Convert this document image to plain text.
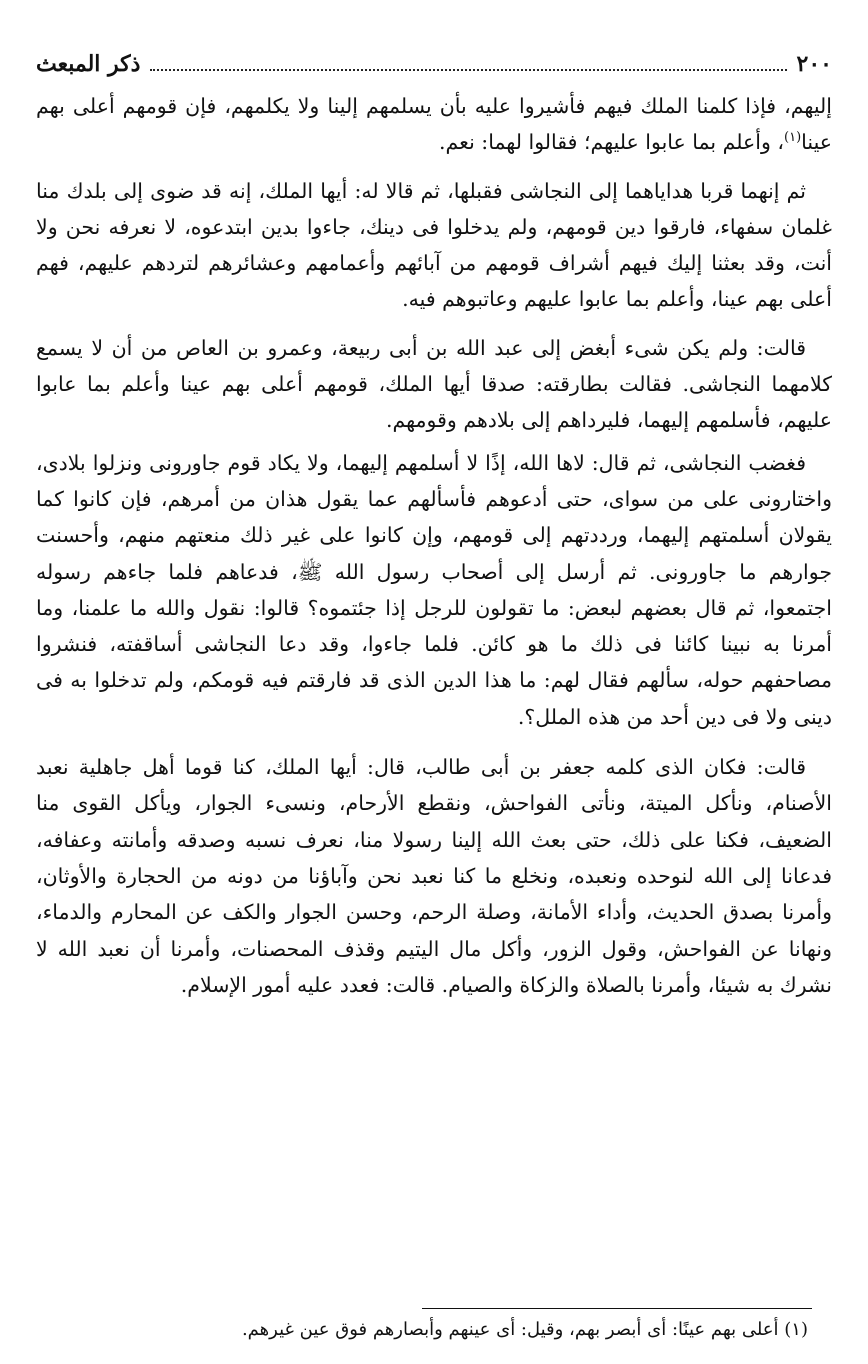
٢٠٠
ذكر المبعث

إليهم، فإذا كلمنا الملك فيهم فأشيروا عليه بأن يسلمهم إلينا ولا يكلمهم، فإن قومهم أعلى بهم عينا$^{(١)}$، وأعلم بما عابوا عليهم؛ فقالوا لهما: نعم.

ثم إنهما قربا هداياهما إلى النجاشى فقبلها، ثم قالا له: أيها الملك، إنه قد ضوى إلى بلدك منا غلمان سفهاء، فارقوا دين قومهم، ولم يدخلوا فى دينك، جاءوا بدين ابتدعوه، لا نعرفه نحن ولا أنت، وقد بعثنا إليك فيهم أشراف قومهم من آبائهم وأعمامهم وعشائرهم لتردهم عليهم، فهم أعلى بهم عينا، وأعلم بما عابوا عليهم وعاتبوهم فيه.

قالت: ولم يكن شىء أبغض إلى عبد الله بن أبى ربيعة، وعمرو بن العاص من أن لا يسمع كلامهما النجاشى. فقالت بطارقته: صدقا أيها الملك، قومهم أعلى بهم عينا وأعلم بما عابوا عليهم، فأسلمهم إليهما، فليرداهم إلى بلادهم وقومهم.

فغضب النجاشى، ثم قال: لاها الله، إذًا لا أسلمهم إليهما، ولا يكاد قوم جاورونى ونزلوا بلادى، واختارونى على من سواى، حتى أدعوهم فأسألهم عما يقول هذان من أمرهم، فإن كانوا كما يقولان أسلمتهم إليهما، ورددتهم إلى قومهم، وإن كانوا على غير ذلك منعتهم منهم، وأحسنت جوارهم ما جاورونى. ثم أرسل إلى أصحاب رسول الله ﷺ، فدعاهم فلما جاءهم رسوله اجتمعوا، ثم قال بعضهم لبعض: ما تقولون للرجل إذا جئتموه؟ قالوا: نقول والله ما علمنا، وما أمرنا به نبينا كائنا فى ذلك ما هو كائن. فلما جاءوا، وقد دعا النجاشى أساقفته، فنشروا مصاحفهم حوله، سألهم فقال لهم: ما هذا الدين الذى قد فارقتم فيه قومكم، ولم تدخلوا به فى دينى ولا فى دين أحد من هذه الملل؟.

قالت: فكان الذى كلمه جعفر بن أبى طالب، قال: أيها الملك، كنا قوما أهل جاهلية نعبد الأصنام، ونأكل الميتة، ونأتى الفواحش، ونقطع الأرحام، ونسىء الجوار، ويأكل القوى منا الضعيف، فكنا على ذلك، حتى بعث الله إلينا رسولا منا، نعرف نسبه وصدقه وأمانته وعفافه، فدعانا إلى الله لنوحده ونعبده، ونخلع ما كنا نعبد نحن وآباؤنا من دونه من الحجارة والأوثان، وأمرنا بصدق الحديث، وأداء الأمانة، وصلة الرحم، وحسن الجوار والكف عن المحارم والدماء، ونهانا عن الفواحش، وقول الزور، وأكل مال اليتيم وقذف المحصنات، وأمرنا أن نعبد الله لا نشرك به شيئا، وأمرنا بالصلاة والزكاة والصيام. قالت: فعدد عليه أمور الإسلام.

(١) أعلى بهم عينًا: أى أبصر بهم، وقيل: أى عينهم وأبصارهم فوق عين غيرهم.
